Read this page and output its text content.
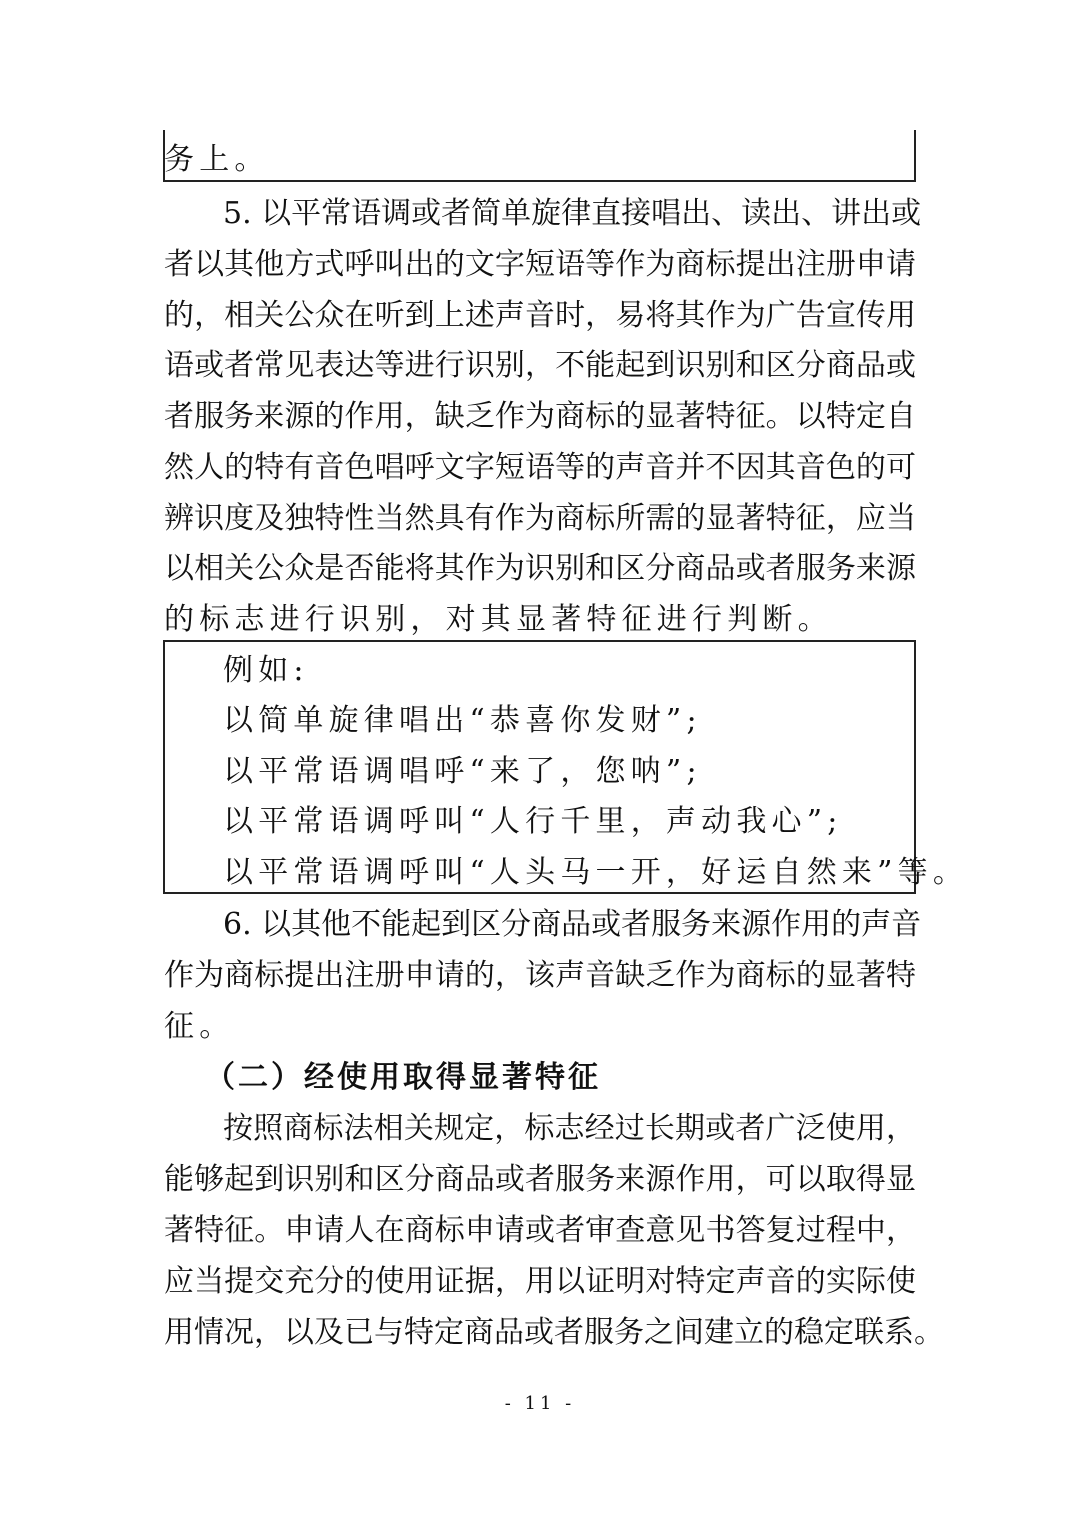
务上。
5. 以平常语调或者简单旋律直接唱出、读出、讲出或
者以其他方式呼叫出的文字短语等作为商标提出注册申请
的，相关公众在听到上述声音时，易将其作为广告宣传用
语或者常见表达等进行识别，不能起到识别和区分商品或
者服务来源的作用，缺乏作为商标的显著特征。以特定自
然人的特有音色唱呼文字短语等的声音并不因其音色的可
辨识度及独特性当然具有作为商标所需的显著特征，应当
以相关公众是否能将其作为识别和区分商品或者服务来源
的标志进行识别，对其显著特征进行判断。
例如:
以简单旋律唱出“恭喜你发财”;
以平常语调唱呼“来了，您呐”;
以平常语调呼叫“人行千里，声动我心”;
以平常语调呼叫“人头马一开，好运自然来”等。
6. 以其他不能起到区分商品或者服务来源作用的声音
作为商标提出注册申请的，该声音缺乏作为商标的显著特
征。
（二）经使用取得显著特征
按照商标法相关规定，标志经过长期或者广泛使用，
能够起到识别和区分商品或者服务来源作用，可以取得显
著特征。申请人在商标申请或者审查意见书答复过程中，
应当提交充分的使用证据，用以证明对特定声音的实际使
用情况，以及已与特定商品或者服务之间建立的稳定联系。
- 11 -
